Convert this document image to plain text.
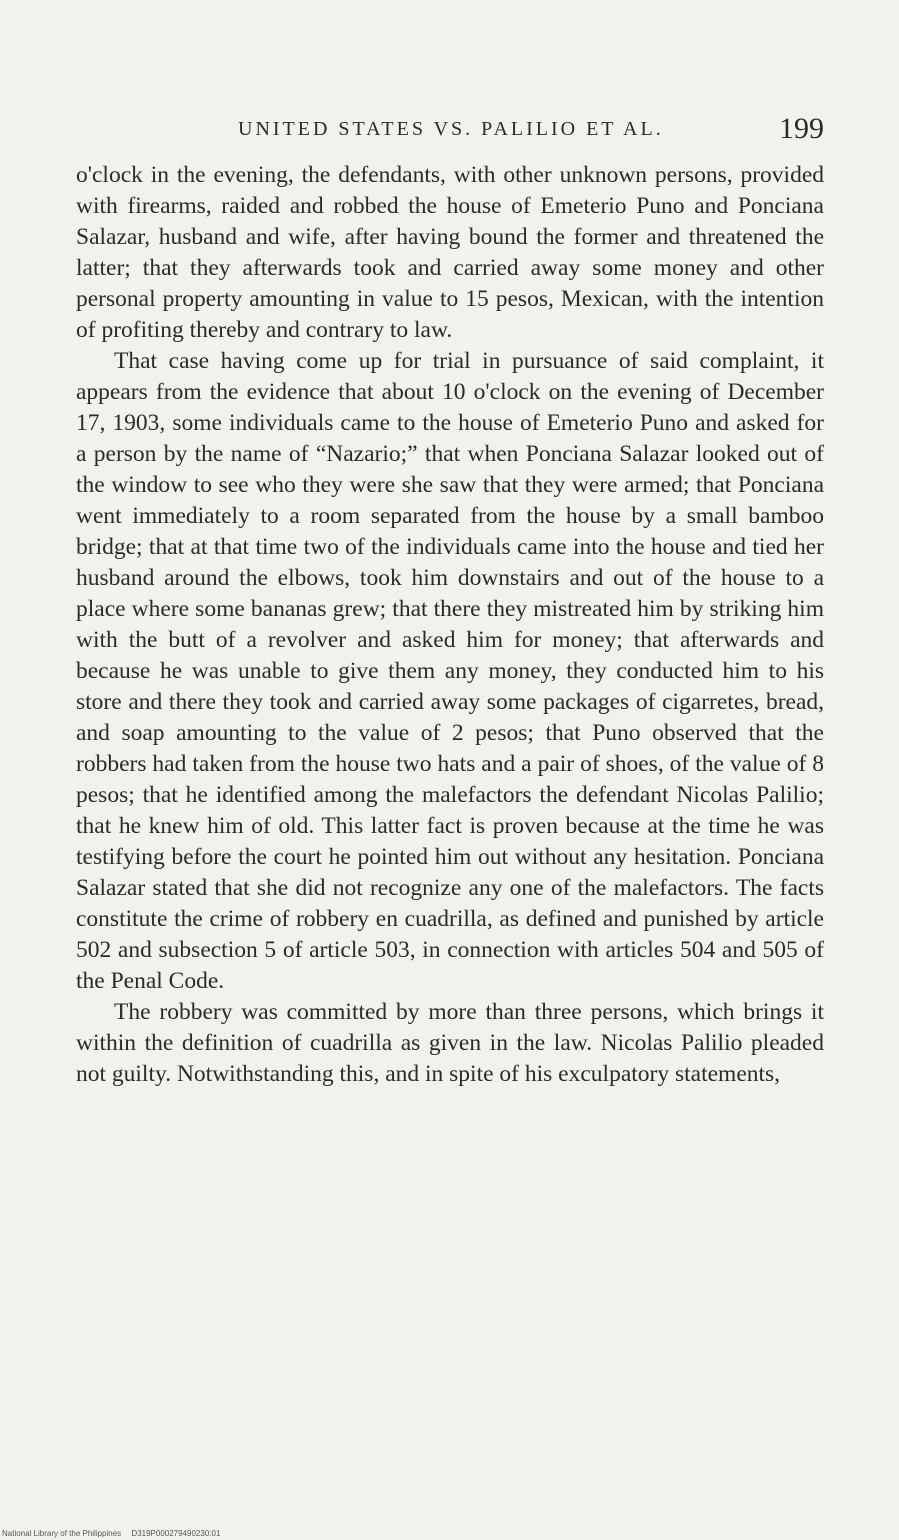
UNITED STATES VS. PALILIO ET AL.	199

o'clock in the evening, the defendants, with other unknown persons, provided with firearms, raided and robbed the house of Emeterio Puno and Ponciana Salazar, husband and wife, after having bound the former and threatened the latter; that they afterwards took and carried away some money and other personal property amounting in value to 15 pesos, Mexican, with the intention of profiting thereby and contrary to law.

That case having come up for trial in pursuance of said complaint, it appears from the evidence that about 10 o'clock on the evening of December 17, 1903, some individuals came to the house of Emeterio Puno and asked for a person by the name of “Nazario;” that when Ponciana Salazar looked out of the window to see who they were she saw that they were armed; that Ponciana went immediately to a room separated from the house by a small bamboo bridge; that at that time two of the individuals came into the house and tied her husband around the elbows, took him downstairs and out of the house to a place where some bananas grew; that there they mistreated him by striking him with the butt of a revolver and asked him for money; that afterwards and because he was unable to give them any money, they conducted him to his store and there they took and carried away some packages of cigarretes, bread, and soap amounting to the value of 2 pesos; that Puno observed that the robbers had taken from the house two hats and a pair of shoes, of the value of 8 pesos; that he identified among the malefactors the defendant Nicolas Palilio; that he knew him of old. This latter fact is proven because at the time he was testifying before the court he pointed him out without any hesitation. Ponciana Salazar stated that she did not recognize any one of the malefactors. The facts constitute the crime of robbery en cuadrilla, as defined and punished by article 502 and subsection 5 of article 503, in connection with articles 504 and 505 of the Penal Code.

The robbery was committed by more than three persons, which brings it within the definition of cuadrilla as given in the law. Nicolas Palilio pleaded not guilty. Notwithstanding this, and in spite of his exculpatory statements,

National Library of the Philippines D319P000279490230:01
